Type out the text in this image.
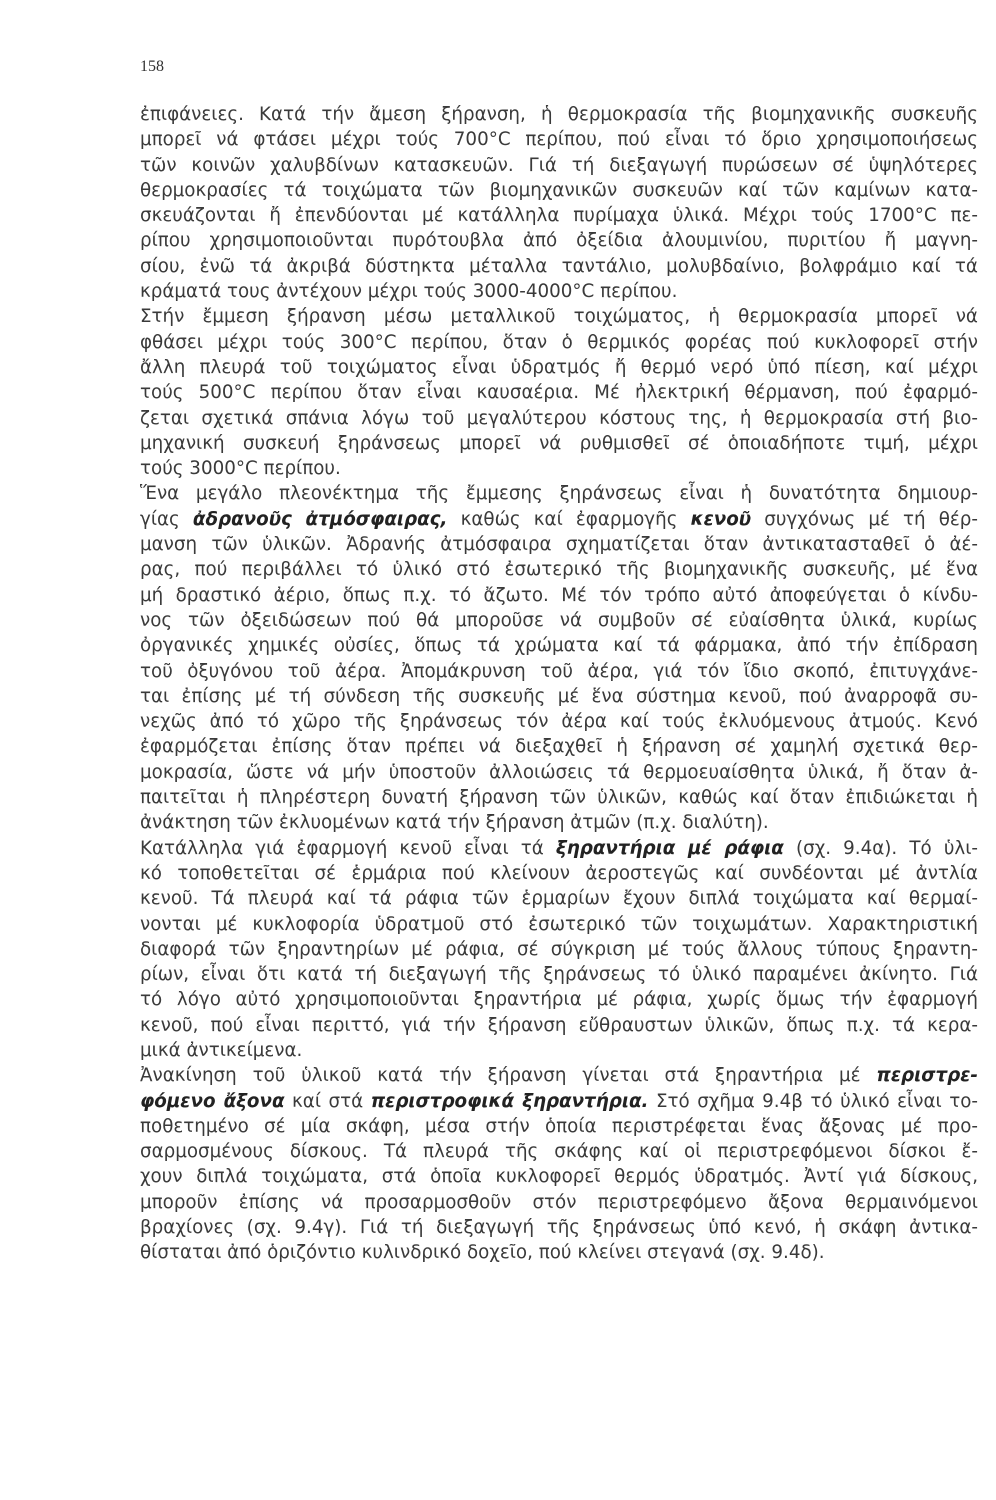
158
ἐπιφάνειες. Κατά τήν ἄμεση ξήρανση, ἡ θερμοκρασία τῆς βιομηχανικῆς συσκευῆς
μπορεῖ νά φτάσει μέχρι τούς 700°C περίπου, πού εἶναι τό ὅριο χρησιμοποιήσεως
τῶν κοινῶν χαλυβδίνων κατασκευῶν. Γιά τή διεξαγωγή πυρώσεων σέ ὑψηλότερες
θερμοκρασίες τά τοιχώματα τῶν βιομηχανικῶν συσκευῶν καί τῶν καμίνων κατα-
σκευάζονται ἤ ἐπενδύονται μέ κατάλληλα πυρίμαχα ὑλικά. Μέχρι τούς 1700°C πε-
ρίπου χρησιμοποιοῦνται πυρότουβλα ἀπό ὀξείδια ἀλουμινίου, πυριτίου ἤ μαγνη-
σίου, ἐνῶ τά ἀκριβά δύστηκτα μέταλλα ταντάλιο, μολυβδαίνιο, βολφράμιο καί τά
κράματά τους ἀντέχουν μέχρι τούς 3000-4000°C περίπου.
Στήν ἔμμεση ξήρανση μέσω μεταλλικοῦ τοιχώματος, ἡ θερμοκρασία μπορεῖ νά
φθάσει μέχρι τούς 300°C περίπου, ὅταν ὁ θερμικός φορέας πού κυκλοφορεῖ στήν
ἄλλη πλευρά τοῦ τοιχώματος εἶναι ὑδρατμός ἤ θερμό νερό ὑπό πίεση, καί μέχρι
τούς 500°C περίπου ὅταν εἶναι καυσαέρια. Μέ ἠλεκτρική θέρμανση, πού ἐφαρμό-
ζεται σχετικά σπάνια λόγω τοῦ μεγαλύτερου κόστους της, ἡ θερμοκρασία στή βιο-
μηχανική συσκευή ξηράνσεως μπορεῖ νά ρυθμισθεῖ σέ ὁποιαδήποτε τιμή, μέχρι
τούς 3000°C περίπου.
Ἕνα μεγάλο πλεονέκτημα τῆς ἔμμεσης ξηράνσεως εἶναι ἡ δυνατότητα δημιουρ-
γίας ἀδρανοῦς ἀτμόσφαιρας, καθώς καί ἐφαρμογῆς κενοῦ συγχόνως μέ τή θέρ-
μανση τῶν ὑλικῶν. Ἀδρανής ἀτμόσφαιρα σχηματίζεται ὅταν ἀντικατασταθεῖ ὁ ἀέ-
ρας, πού περιβάλλει τό ὑλικό στό ἐσωτερικό τῆς βιομηχανικῆς συσκευῆς, μέ ἕνα
μή δραστικό ἀέριο, ὅπως π.χ. τό ἄζωτο. Μέ τόν τρόπο αὐτό ἀποφεύγεται ὁ κίνδυ-
νος τῶν ὀξειδώσεων πού θά μποροῦσε νά συμβοῦν σέ εὐαίσθητα ὑλικά, κυρίως
ὀργανικές χημικές οὐσίες, ὅπως τά χρώματα καί τά φάρμακα, ἀπό τήν ἐπίδραση
τοῦ ὀξυγόνου τοῦ ἀέρα. Ἀπομάκρυνση τοῦ ἀέρα, γιά τόν ἴδιο σκοπό, ἐπιτυγχάνε-
ται ἐπίσης μέ τή σύνδεση τῆς συσκευῆς μέ ἕνα σύστημα κενοῦ, πού ἀναρροφᾶ συ-
νεχῶς ἀπό τό χῶρο τῆς ξηράνσεως τόν ἀέρα καί τούς ἐκλυόμενους ἀτμούς. Κενό
ἐφαρμόζεται ἐπίσης ὅταν πρέπει νά διεξαχθεῖ ἡ ξήρανση σέ χαμηλή σχετικά θερ-
μοκρασία, ὥστε νά μήν ὑποστοῦν ἀλλοιώσεις τά θερμοευαίσθητα ὑλικά, ἤ ὅταν ἀ-
παιτεῖται ἡ πληρέστερη δυνατή ξήρανση τῶν ὑλικῶν, καθώς καί ὅταν ἐπιδιώκεται ἡ
ἀνάκτηση τῶν ἐκλυομένων κατά τήν ξήρανση ἀτμῶν (π.χ. διαλύτη).
Κατάλληλα γιά ἐφαρμογή κενοῦ εἶναι τά ξηραντήρια μέ ράφια (σχ. 9.4α). Τό ὑλι-
κό τοποθετεῖται σέ ἑρμάρια πού κλείνουν ἀεροστεγῶς καί συνδέονται μέ ἀντλία
κενοῦ. Τά πλευρά καί τά ράφια τῶν ἑρμαρίων ἔχουν διπλά τοιχώματα καί θερμαί-
νονται μέ κυκλοφορία ὑδρατμοῦ στό ἐσωτερικό τῶν τοιχωμάτων. Χαρακτηριστική
διαφορά τῶν ξηραντηρίων μέ ράφια, σέ σύγκριση μέ τούς ἄλλους τύπους ξηραντη-
ρίων, εἶναι ὅτι κατά τή διεξαγωγή τῆς ξηράνσεως τό ὑλικό παραμένει ἀκίνητο. Γιά
τό λόγο αὐτό χρησιμοποιοῦνται ξηραντήρια μέ ράφια, χωρίς ὅμως τήν ἐφαρμογή
κενοῦ, πού εἶναι περιττό, γιά τήν ξήρανση εὔθραυστων ὑλικῶν, ὅπως π.χ. τά κερα-
μικά ἀντικείμενα.
Ἀνακίνηση τοῦ ὑλικοῦ κατά τήν ξήρανση γίνεται στά ξηραντήρια μέ περιστρε-
φόμενο ἄξονα καί στά περιστροφικά ξηραντήρια. Στό σχῆμα 9.4β τό ὑλικό εἶναι το-
ποθετημένο σέ μία σκάφη, μέσα στήν ὁποία περιστρέφεται ἕνας ἄξονας μέ προ-
σαρμοσμένους δίσκους. Τά πλευρά τῆς σκάφης καί οἱ περιστρεφόμενοι δίσκοι ἔ-
χουν διπλά τοιχώματα, στά ὁποῖα κυκλοφορεῖ θερμός ὑδρατμός. Ἀντί γιά δίσκους,
μποροῦν ἐπίσης νά προσαρμοσθοῦν στόν περιστρεφόμενο ἄξονα θερμαινόμενοι
βραχίονες (σχ. 9.4γ). Γιά τή διεξαγωγή τῆς ξηράνσεως ὑπό κενό, ἡ σκάφη ἀντικα-
θίσταται ἀπό ὁριζόντιο κυλινδρικό δοχεῖο, πού κλείνει στεγανά (σχ. 9.4δ).
